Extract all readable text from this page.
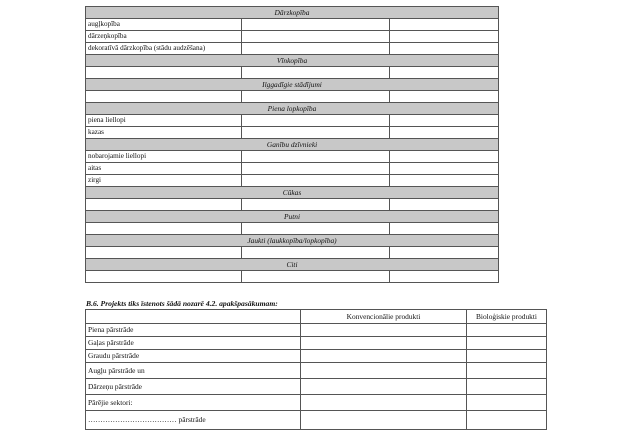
Dārzkopība		
augļkopība		
dārzeņkopība		
dekoratīvā dārzkopība (stādu audzēšana)		
Vīnkopība		

Ilggadīgie stādījumi		

Piena lopkopība		
piena liellopi		
kazas		
Ganību dzīvnieki		
nobarojamie liellopi		
aitas		
zirgi		
Cūkas		

Putni		

Jaukti (laukkopība/lopkopība)		

Citi		

B.6. Projekts tiks īstenots šādā nozarē 4.2. apakšpasākumam:
	Konvencionālie produkti	Bioloģiskie produkti
Piena pārstrāde		
Gaļas pārstrāde		
Graudu pārstrāde		
Augļu pārstrāde un		
Dārzeņu pārstrāde		
Pārējie sektori:		
……………………………… pārstrāde		
